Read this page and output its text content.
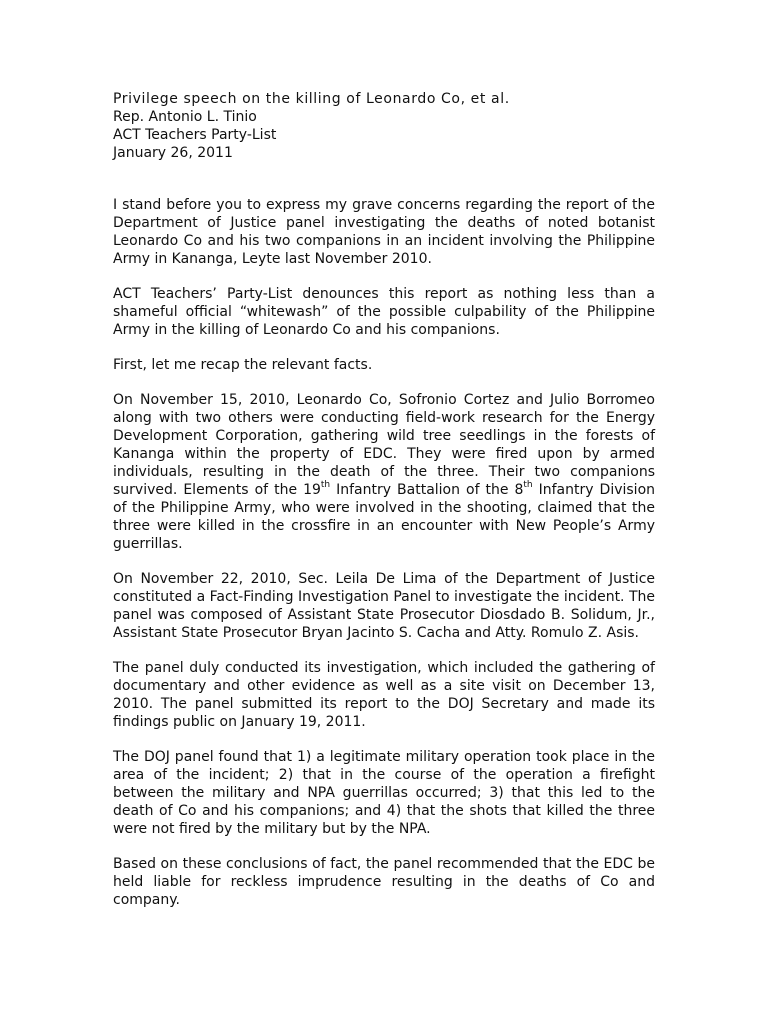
Privilege speech on the killing of Leonardo Co, et al.

Rep. Antonio L. Tinio

ACT Teachers Party-List

January 26, 2011

I stand before you to express my grave concerns regarding the report of the Department of Justice panel investigating the deaths of noted botanist Leonardo Co and his two companions in an incident involving the Philippine Army in Kananga, Leyte last November 2010.

ACT Teachers’ Party-List denounces this report as nothing less than a shameful official “whitewash” of the possible culpability of the Philippine Army in the killing of Leonardo Co and his companions.

First, let me recap the relevant facts.

On November 15, 2010, Leonardo Co, Sofronio Cortez and Julio Borromeo along with two others were conducting field-work research for the Energy Development Corporation, gathering wild tree seedlings in the forests of Kananga within the property of EDC. They were fired upon by armed individuals, resulting in the death of the three. Their two companions survived. Elements of the 19th Infantry Battalion of the 8th Infantry Division of the Philippine Army, who were involved in the shooting, claimed that the three were killed in the crossfire in an encounter with New People’s Army guerrillas.

On November 22, 2010, Sec. Leila De Lima of the Department of Justice constituted a Fact-Finding Investigation Panel to investigate the incident. The panel was composed of Assistant State Prosecutor Diosdado B. Solidum, Jr., Assistant State Prosecutor Bryan Jacinto S. Cacha and Atty. Romulo Z. Asis.

The panel duly conducted its investigation, which included the gathering of documentary and other evidence as well as a site visit on December 13, 2010. The panel submitted its report to the DOJ Secretary and made its findings public on January 19, 2011.

The DOJ panel found that 1) a legitimate military operation took place in the area of the incident; 2) that in the course of the operation a firefight between the military and NPA guerrillas occurred; 3) that this led to the death of Co and his companions; and 4) that the shots that killed the three were not fired by the military but by the NPA.

Based on these conclusions of fact, the panel recommended that the EDC be held liable for reckless imprudence resulting in the deaths of Co and company.
